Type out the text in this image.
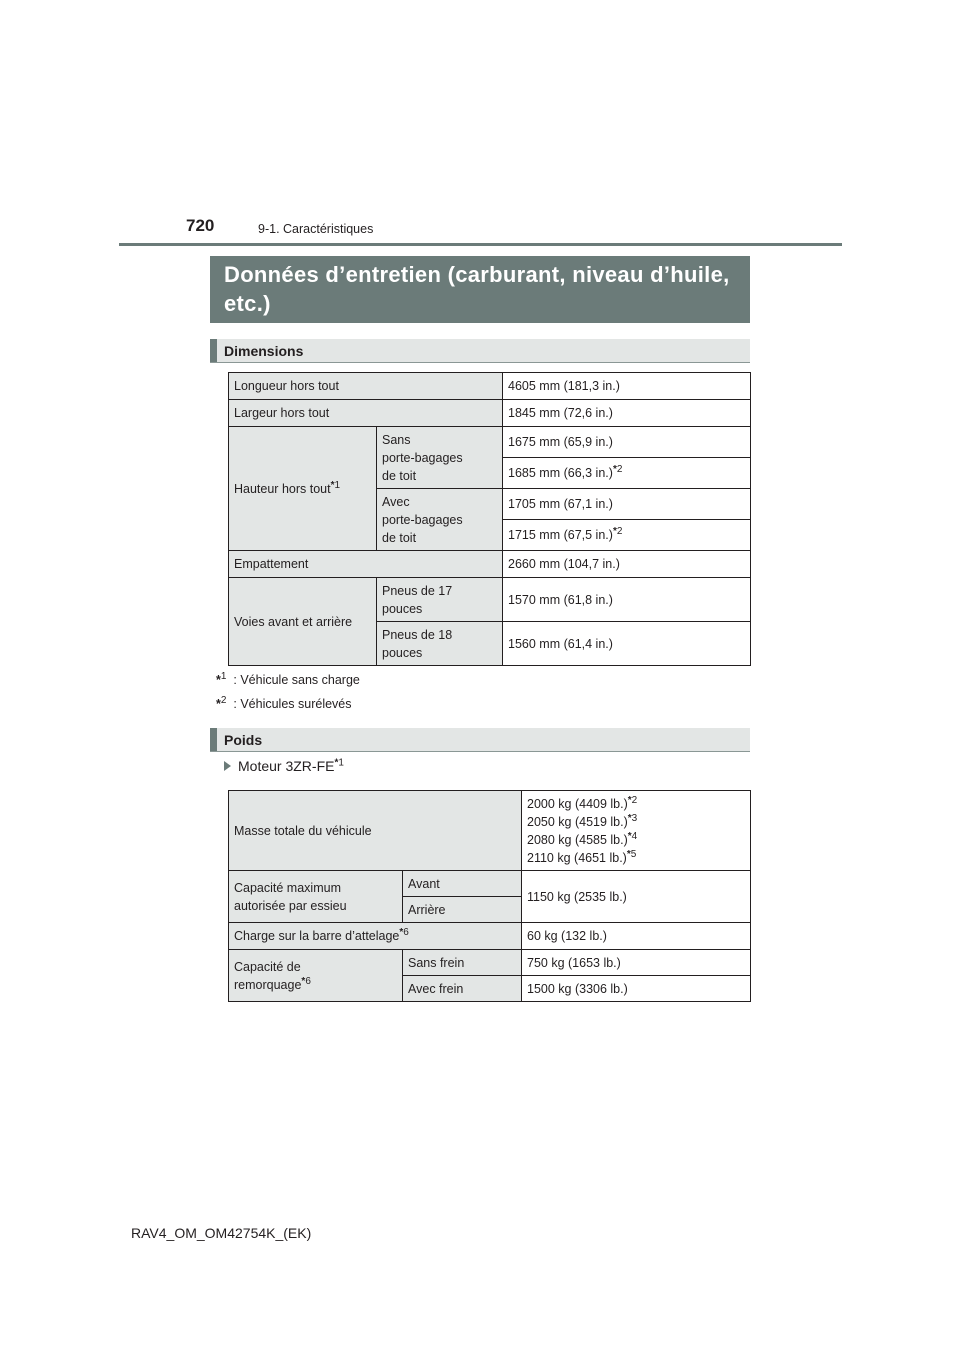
720	9-1. Caractéristiques
Données d’entretien (carburant, niveau d’huile,
etc.)
Dimensions
Longueur hors tout		4605 mm (181,3 in.)
Largeur hors tout		1845 mm (72,6 in.)
Hauteur hors tout$^{*1}$	Sans
porte-bagages
de toit	1675 mm (65,9 in.)
		1685 mm (66,3 in.)$^{*2}$
	Avec
porte-bagages
de toit	1705 mm (67,1 in.)
		1715 mm (67,5 in.)$^{*2}$
Empattement		2660 mm (104,7 in.)
Voies avant et arrière	Pneus de 17
pouces	1570 mm (61,8 in.)
	Pneus de 18
pouces	1560 mm (61,4 in.)
*$^1$ : Véhicule sans charge
*$^2$ : Véhicules surélevés
Poids
Moteur 3ZR-FE$^{*1}$
Masse totale du véhicule		2000 kg (4409 lb.)$^{*2}$
2050 kg (4519 lb.)$^{*3}$
2080 kg (4585 lb.)$^{*4}$
2110 kg (4651 lb.)$^{*5}$

Capacité maximum
autorisée par essieu	Avant	1150 kg (2535 lb.)
	Arrière	
Charge sur la barre d’attelage$^{*6}$		60 kg (132 lb.)
Capacité de
remorquage$^{*6}$	Sans frein	750 kg (1653 lb.)
	Avec frein	1500 kg (3306 lb.)
RAV4_OM_OM42754K_(EK)
